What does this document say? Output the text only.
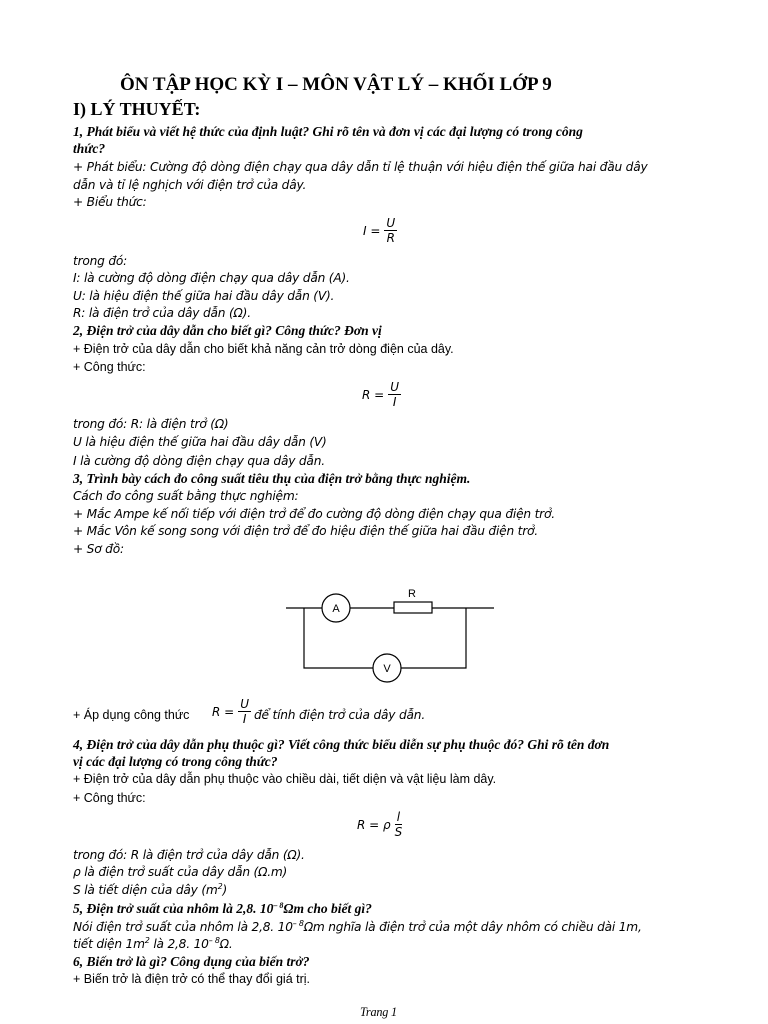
ÔN TẬP HỌC KỲ I – MÔN VẬT LÝ – KHỐI LỚP 9
I) LÝ THUYẾT:
1, Phát biểu và viết hệ thức của định luật? Ghi rõ tên và đơn vị các đại lượng có trong công
thức?
+ Phát biểu: Cường độ dòng điện chạy qua dây dẫn tỉ lệ thuận với hiệu điện thế giữa hai đầu dây
dẫn và tỉ lệ nghịch với điện trở của dây.
+ Biểu thức:
$I = \frac{U}{R}$
trong đó:
I: là cường độ dòng điện chạy qua dây dẫn (A).
U: là hiệu điện thế giữa hai đầu dây dẫn (V).
R: là điện trở của dây dẫn (Ω).
2, Điện trở của dây dẫn cho biết gì? Công thức? Đơn vị
+ Điện trở của dây dẫn cho biết khả năng cản trở dòng điện của dây.
+ Công thức:
$R = \frac{U}{I}$
trong đó: R: là điện trở (Ω)
U là hiệu điện thế giữa hai đầu dây dẫn (V)
I là cường độ dòng điện chạy qua dây dẫn.
3, Trình bày cách đo công suất tiêu thụ của điện trở bằng thực nghiệm.
Cách đo công suất bằng thực nghiệm:
+ Mắc Ampe kế nối tiếp với điện trở để đo cường độ dòng điện chạy qua điện trở.
+ Mắc Vôn kế song song với điện trở để đo hiệu điện thế giữa hai đầu điện trở.
+ Sơ đồ:
A
V
R
+ Áp dụng công thức $R = \frac{U}{I}$ để tính điện trở của dây dẫn.
4, Điện trở của dây dẫn phụ thuộc gì? Viết công thức biểu diễn sự phụ thuộc đó? Ghi rõ tên đơn
vị các đại lượng có trong công thức?
+ Điện trở của dây dẫn phụ thuộc vào chiều dài, tiết diện và vật liệu làm dây.
+ Công thức:
R = ρ $\frac{l}{S}$
trong đó: R là điện trở của dây dẫn (Ω).
ρ là điện trở suất của dây dẫn (Ω.m)
S là tiết diện của dây $(m^2)$
5, Điện trở suất của nhôm là 2,8. $10^{- 8}\Omega m$ cho biết gì?
Nói điện trở suất của nhôm là 2,8. $10^{- 8}\Omega m$ nghĩa là điện trở của một dây nhôm có chiều dài 1m,
tiết diện $1m^2$ là 2,8. $10^{- 8}\Omega$.
6, Biến trở là gì? Công dụng của biến trở?
+ Biến trở là điện trở có thể thay đổi giá trị.
Trang 1
